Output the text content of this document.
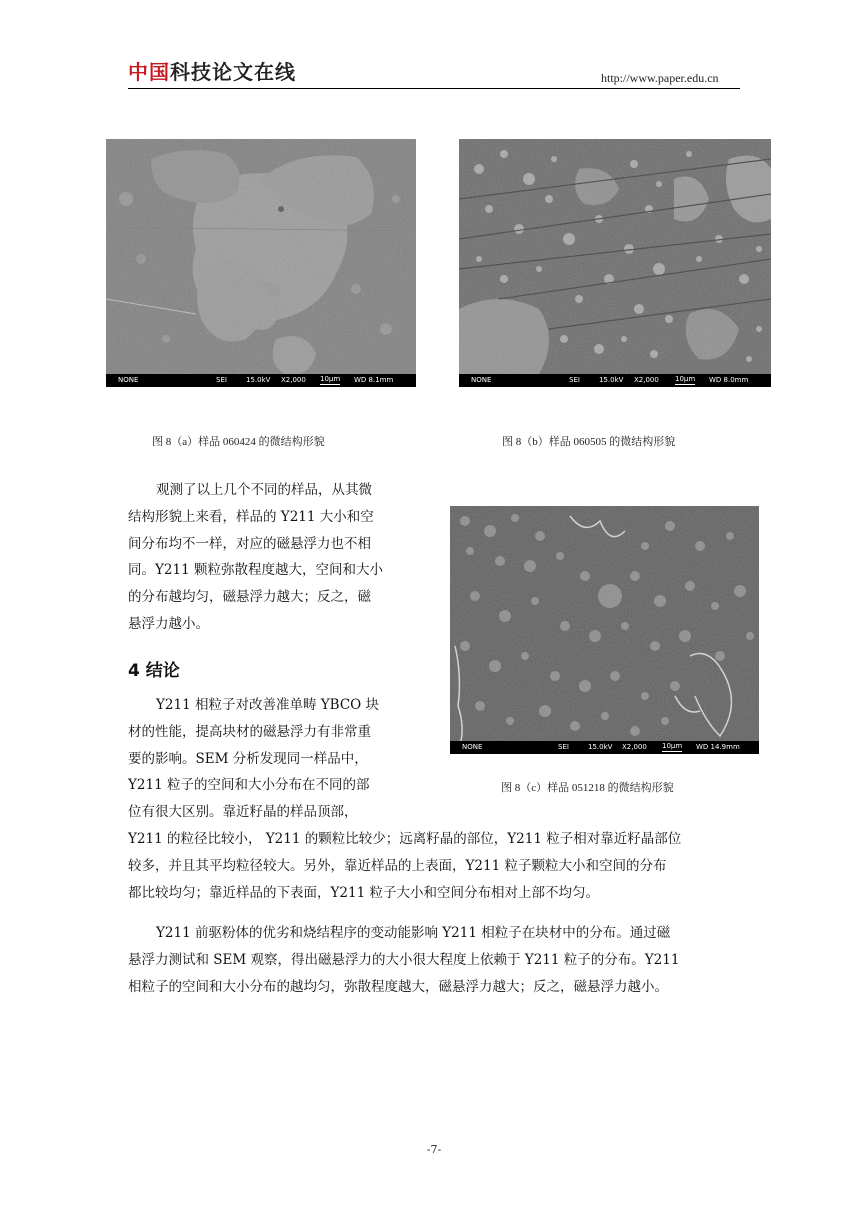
中国科技论文在线	http://www.paper.edu.cn
NONE	SEI	15.0kV X2,000 10μm WD 8.1mm	NONE	SEI	15.0kV X2,000 10μm WD 8.0mm
图 8（a）样品 060424 的微结构形貌	图 8（b）样品 060505 的微结构形貌
NONE	SEI	15.0kV X2,000 10μm WD 14.9mm
图 8（c）样品 051218 的微结构形貌
观测了以上几个不同的样品，从其微
结构形貌上来看，样品的 Y211 大小和空
间分布均不一样，对应的磁悬浮力也不相
同。Y211 颗粒弥散程度越大，空间和大小
的分布越均匀，磁悬浮力越大；反之，磁
悬浮力越小。
4 结论
Y211 相粒子对改善准单畴 YBCO 块
材的性能，提高块材的磁悬浮力有非常重
要的影响。SEM 分析发现同一样品中，
Y211 粒子的空间和大小分布在不同的部
位有很大区别。靠近籽晶的样品顶部，
Y211 的粒径比较小， Y211 的颗粒比较少；远离籽晶的部位，Y211 粒子相对靠近籽晶部位
较多，并且其平均粒径较大。另外，靠近样品的上表面，Y211 粒子颗粒大小和空间的分布
都比较均匀；靠近样品的下表面，Y211 粒子大小和空间分布相对上部不均匀。
Y211 前驱粉体的优劣和烧结程序的变动能影响 Y211 相粒子在块材中的分布。通过磁
悬浮力测试和 SEM 观察，得出磁悬浮力的大小很大程度上依赖于 Y211 粒子的分布。Y211
相粒子的空间和大小分布的越均匀，弥散程度越大，磁悬浮力越大；反之，磁悬浮力越小。
-7-
